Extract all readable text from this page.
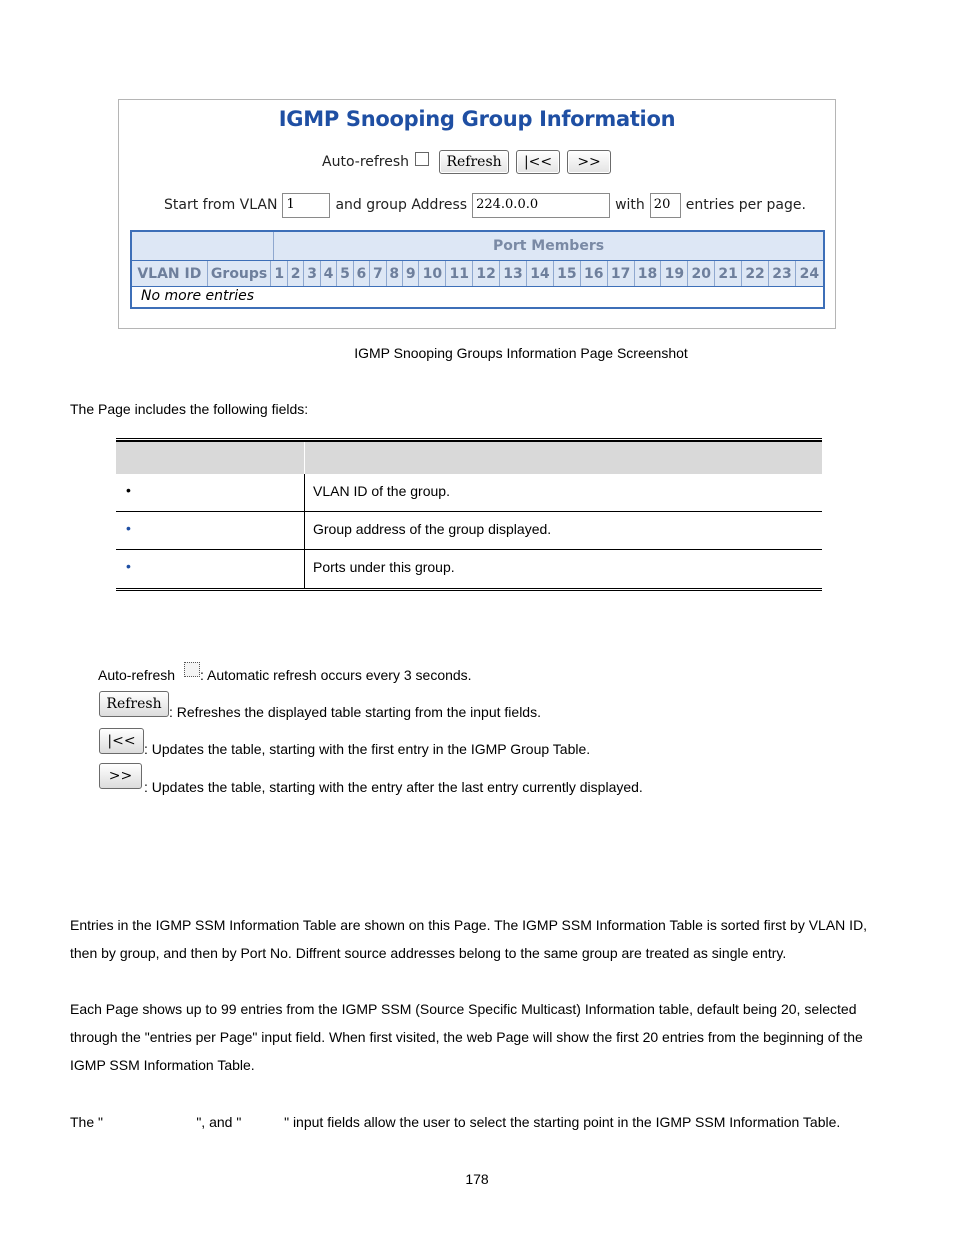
IGMP Snooping Group Information
Auto-refresh	Refresh	|<<	>>
Start from VLAN 1	and group Address 224.0.0.0	with 20	entries per page.
Port Members
VLAN ID Groups 1 2 3 4 5 6 7 8 9 10 11 12 13 14 15 16 17 18 19 20 21 22 23 24
No more entries
IGMP Snooping Groups Information Page Screenshot
The Page includes the following fields:
•	VLAN ID of the group.
•	Group address of the group displayed.
•	Ports under this group.
Auto-refresh : Automatic refresh occurs every 3 seconds.
Refresh : Refreshes the displayed table starting from the input fields.
|<< : Updates the table, starting with the first entry in the IGMP Group Table.
>>
: Updates the table, starting with the entry after the last entry currently displayed.
Entries in the IGMP SSM Information Table are shown on this Page. The IGMP SSM Information Table is sorted first by VLAN ID, then by group, and then by Port No. Diffrent source addresses belong to the same group are treated as single entry.
Each Page shows up to 99 entries from the IGMP SSM (Source Specific Multicast) Information table, default being 20, selected through the "entries per Page" input field. When first visited, the web Page will show the first 20 entries from the beginning of the IGMP SSM Information Table.
The "                        ", and "           " input fields allow the user to select the starting point in the IGMP SSM Information Table.
178
